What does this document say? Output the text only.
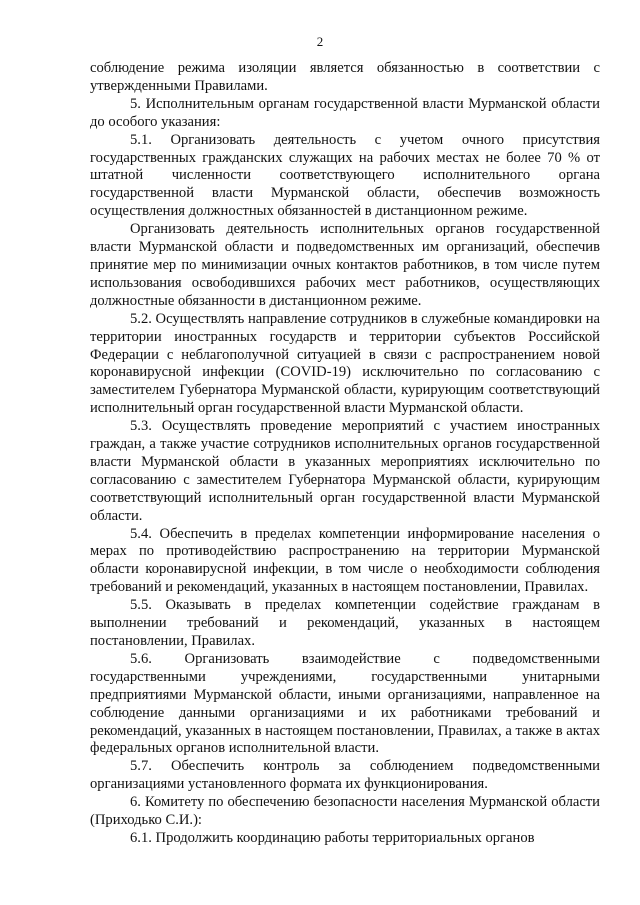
2

соблюдение режима изоляции является обязанностью в соответствии с утвержденными Правилами.

5. Исполнительным органам государственной власти Мурманской области до особого указания:

5.1. Организовать деятельность с учетом очного присутствия государственных гражданских служащих на рабочих местах не более 70 % от штатной численности соответствующего исполнительного органа государственной власти Мурманской области, обеспечив возможность осуществления должностных обязанностей в дистанционном режиме.

Организовать деятельность исполнительных органов государственной власти Мурманской области и подведомственных им организаций, обеспечив принятие мер по минимизации очных контактов работников, в том числе путем использования освободившихся рабочих мест работников, осуществляющих должностные обязанности в дистанционном режиме.

5.2. Осуществлять направление сотрудников в служебные командировки на территории иностранных государств и территории субъектов Российской Федерации с неблагополучной ситуацией в связи с распространением новой коронавирусной инфекции (COVID-19) исключительно по согласованию с заместителем Губернатора Мурманской области, курирующим соответствующий исполнительный орган государственной власти Мурманской области.

5.3. Осуществлять проведение мероприятий с участием иностранных граждан, а также участие сотрудников исполнительных органов государственной власти Мурманской области в указанных мероприятиях исключительно по согласованию с заместителем Губернатора Мурманской области, курирующим соответствующий исполнительный орган государственной власти Мурманской области.

5.4. Обеспечить в пределах компетенции информирование населения о мерах по противодействию распространению на территории Мурманской области коронавирусной инфекции, в том числе о необходимости соблюдения требований и рекомендаций, указанных в настоящем постановлении, Правилах.

5.5. Оказывать в пределах компетенции содействие гражданам в выполнении требований и рекомендаций, указанных в настоящем постановлении, Правилах.

5.6. Организовать взаимодействие с подведомственными государственными учреждениями, государственными унитарными предприятиями Мурманской области, иными организациями, направленное на соблюдение данными организациями и их работниками требований и рекомендаций, указанных в настоящем постановлении, Правилах, а также в актах федеральных органов исполнительной власти.

5.7. Обеспечить контроль за соблюдением подведомственными организациями установленного формата их функционирования.

6. Комитету по обеспечению безопасности населения Мурманской области (Приходько С.И.):

6.1. Продолжить координацию работы территориальных органов
